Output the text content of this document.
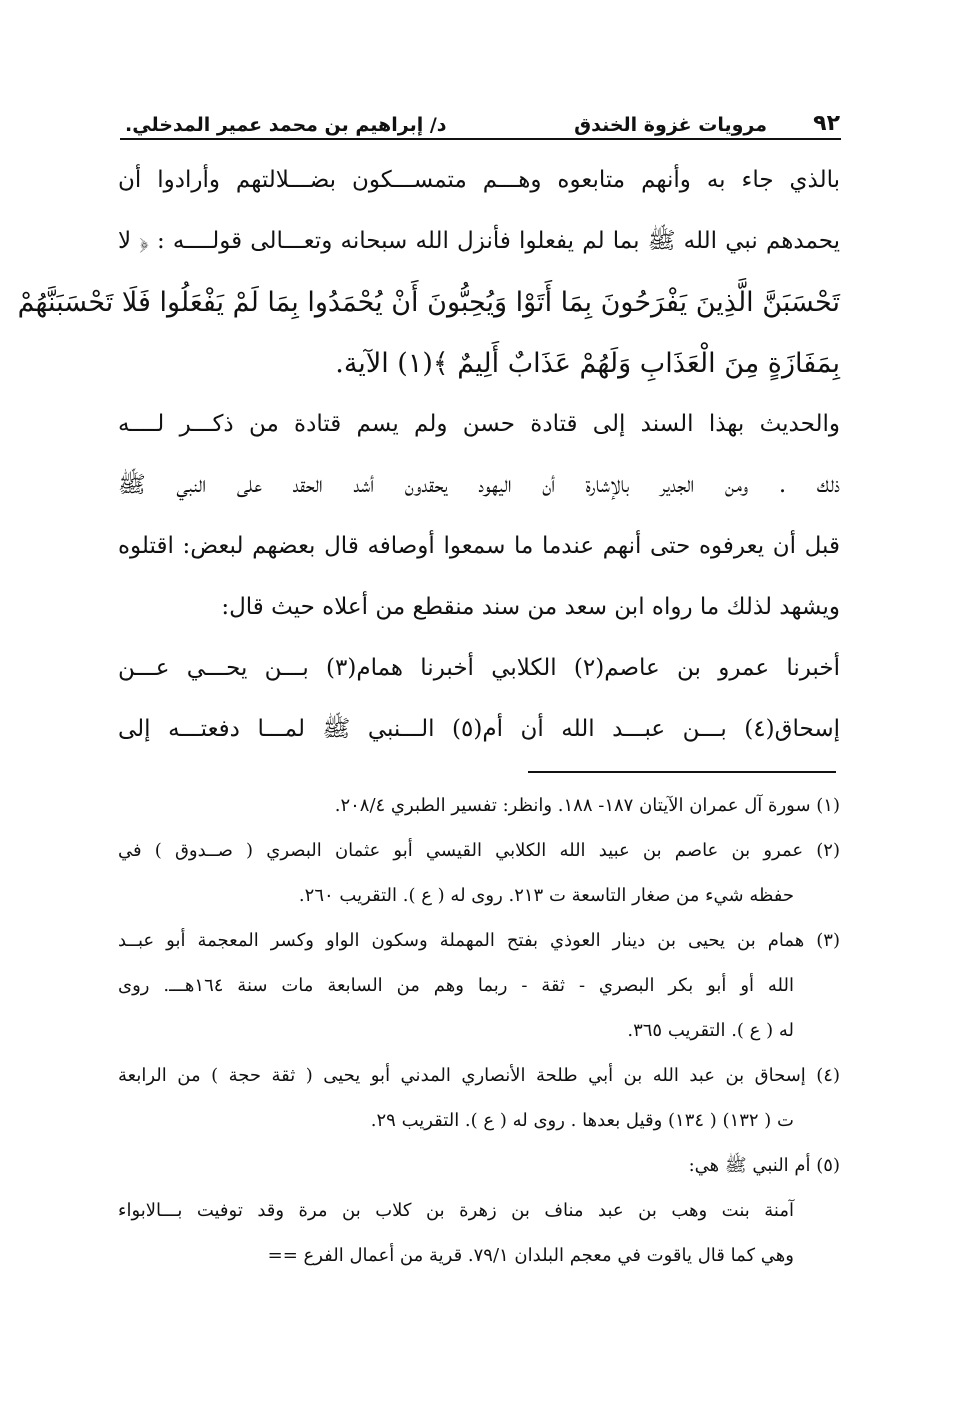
٩٢
مرويات غزوة الخندق
د/ إبراهيم بن محمد عمير المدخلي.
بالذي جاء به وأنهم متابعوه وهـــم متمســـكون بضـــلالتهم وأرادوا أن
يحمدهم نبي الله ﷺ بما لم يفعلوا فأنزل الله سبحانه وتعـــالى قولــــه : ﴿ لا
تَحْسَبَنَّ الَّذِينَ يَفْرَحُونَ بِمَا أَتَوْا وَيُحِبُّونَ أَنْ يُحْمَدُوا بِمَا لَمْ يَفْعَلُوا فَلَا تَحْسَبَنَّهُمْ
بِمَفَازَةٍ مِنَ الْعَذَابِ وَلَهُمْ عَذَابٌ أَلِيمٌ ﴾(١) الآية.
والحديث بهذا السند إلى قتادة حسن ولم يسم قتادة من ذكـــر لــــه
ذلك . ومن الجدير بالإشارة أن اليهود يحقدون أشد الحقد على النبي ﷺ
قبل أن يعرفوه حتى أنهم عندما ما سمعوا أوصافه قال بعضهم لبعض: اقتلوه
ويشهد لذلك ما رواه ابن سعد من سند منقطع من أعلاه حيث قال:
أخبرنا عمرو بن عاصم(٢) الكلابي أخبرنا همام(٣) بـــن يحـــي عـــن
إسحاق(٤) بـــن عبـــد الله أن أم(٥) الـــنبي ﷺ لمـــا دفعتـــه إلى
(١) سورة آل عمران الآيتان ١٨٧- ١٨٨. وانظر: تفسير الطبري ٢٠٨/٤.
(٢) عمرو بن عاصم بن عبيد الله الكلابي القيسي أبو عثمان البصري ( صــدوق ) في
حفظه شيء من صغار التاسعة ت ٢١٣. روى له ( ع ). التقريب ٢٦٠.
(٣) همام بن يحيى بن دينار العوذي بفتح المهملة وسكون الواو وكسر المعجمة أبو عبــد
الله أو أبو بكر البصري - ثقة - ربما وهم من السابعة مات سنة ١٦٤هـــ. روى
له ( ع ). التقريب ٣٦٥.
(٤) إسحاق بن عبد الله بن أبي طلحة الأنصاري المدني أبو يحيى ( ثقة حجة ) من الرابعة
ت ( ١٣٢) ( ١٣٤) وقيل بعدها . روى له ( ع ). التقريب ٢٩.
(٥) أم النبي ﷺ هي:
آمنة بنت وهب بن عبد مناف بن زهرة بن كلاب بن مرة وقد توفيت بـــالابواء
وهي كما قال ياقوت في معجم البلدان ٧٩/١. قرية من أعمال الفرع ==
